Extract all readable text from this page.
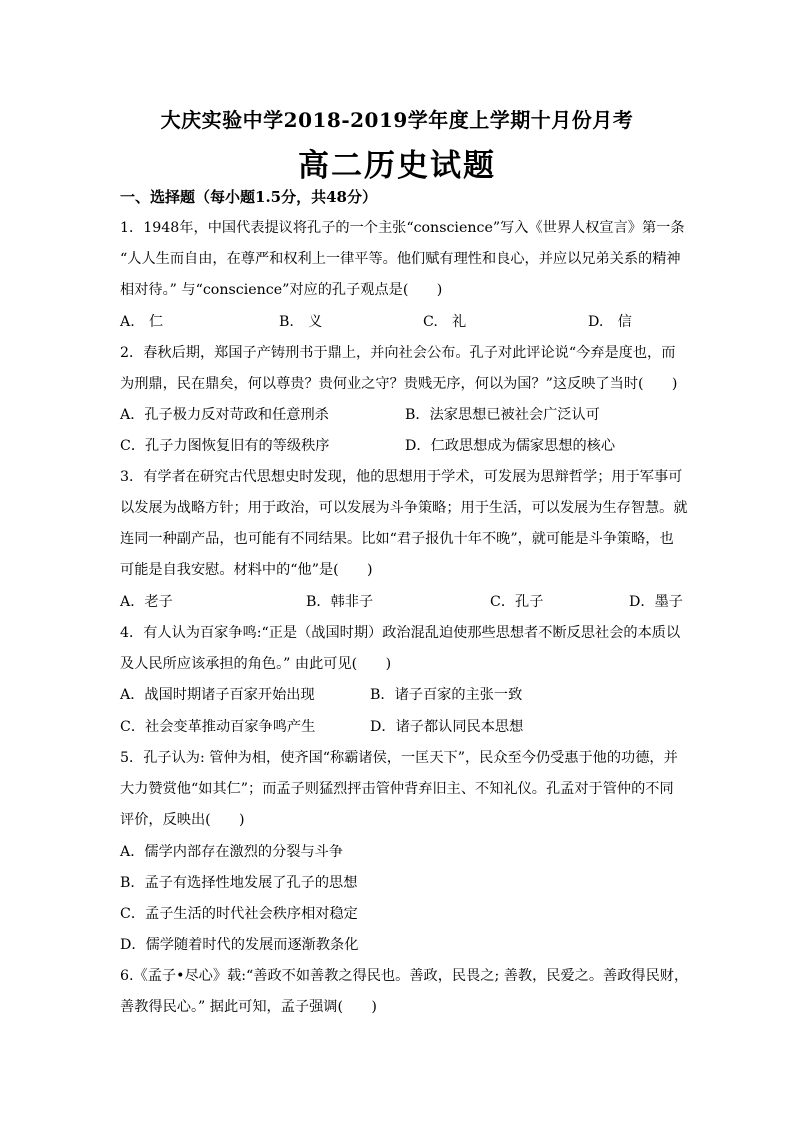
大庆实验中学2018-2019学年度上学期十月份月考
高二历史试题
一、选择题（每小题1.5分，共48分）
1．1948年，中国代表提议将孔子的一个主张“conscience”写入《世界人权宣言》第一条
“人人生而自由，在尊严和权利上一律平等。他们赋有理性和良心，并应以兄弟关系的精神
相对待。” 与“conscience”对应的孔子观点是(　　)
A.　仁	B.　义	C.　礼	D.　信
2．春秋后期，郑国子产铸刑书于鼎上，并向社会公布。孔子对此评论说“今弃是度也，而
为刑鼎，民在鼎矣，何以尊贵？贵何业之守？贵贱无序，何以为国？”这反映了当时(　　)
A．孔子极力反对苛政和任意刑杀	B．法家思想已被社会广泛认可
C．孔子力图恢复旧有的等级秩序	D．仁政思想成为儒家思想的核心
3．有学者在研究古代思想史时发现，他的思想用于学术，可发展为思辩哲学；用于军事可
以发展为战略方针；用于政治，可以发展为斗争策略；用于生活，可以发展为生存智慧。就
连同一种副产品，也可能有不同结果。比如“君子报仇十年不晚”，就可能是斗争策略，也
可能是自我安慰。材料中的“他”是(　　)
A．老子	B．韩非子	C．孔子	D．墨子
4．有人认为百家争鸣:“正是（战国时期）政治混乱迫使那些思想者不断反思社会的本质以
及人民所应该承担的角色。” 由此可见(　　)
A．战国时期诸子百家开始出现	B．诸子百家的主张一致
C．社会变革推动百家争鸣产生	D．诸子都认同民本思想
5．孔子认为: 管仲为相，使齐国“称霸诸侯，一匡天下”，民众至今仍受惠于他的功德，并
大力赞赏他“如其仁”；而孟子则猛烈抨击管仲背弃旧主、不知礼仪。孔孟对于管仲的不同
评价，反映出(　　)
A．儒学内部存在激烈的分裂与斗争
B．孟子有选择性地发展了孔子的思想
C．孟子生活的时代社会秩序相对稳定
D．儒学随着时代的发展而逐渐教条化
6.《孟子•尽心》载:“善政不如善教之得民也。善政，民畏之; 善教，民爱之。善政得民财，
善教得民心。” 据此可知，孟子强调(　　)
